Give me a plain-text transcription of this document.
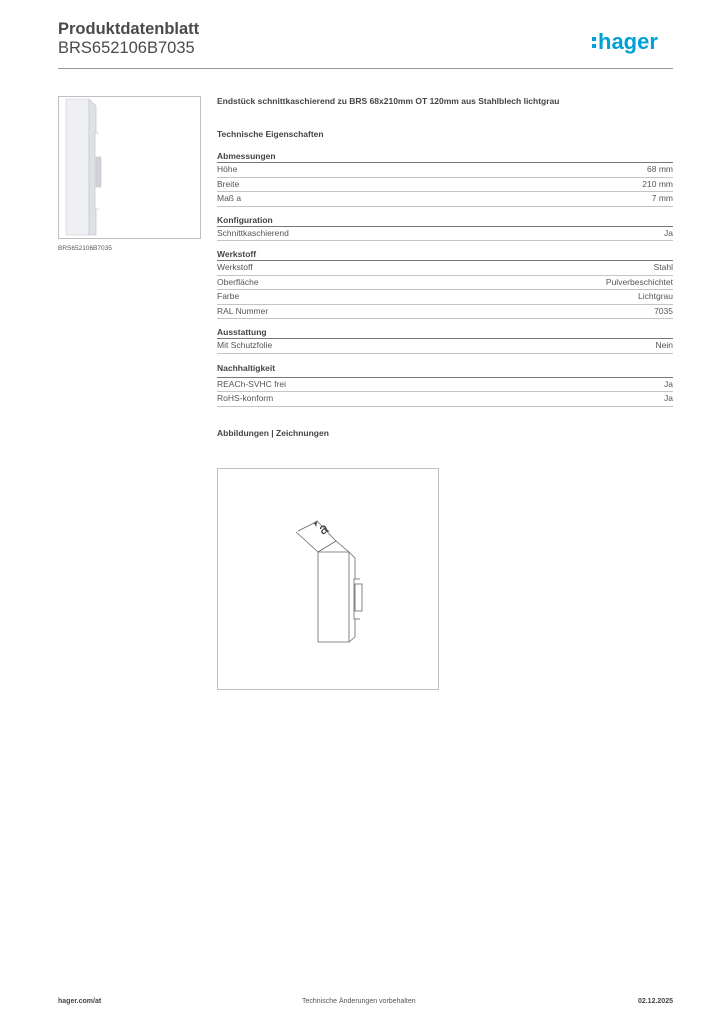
Produktdatenblatt
BRS652106B7035	hager
BRS652106B7035
Endstück schnittkaschierend zu BRS 68x210mm OT 120mm aus Stahlblech lichtgrau
Technische Eigenschaften
Abmessungen
Höhe	68 mm
Breite	210 mm
Maß a	7 mm
Konfiguration
Schnittkaschierend	Ja
Werkstoff
Werkstoff	Stahl
Oberfläche	Pulverbeschichtet
Farbe	Lichtgrau
RAL Nummer	7035
Ausstattung
Mit Schutzfolie	Nein
Nachhaltigkeit
REACh-SVHC frei	Ja
RoHS-konform	Ja
Abbildungen | Zeichnungen
a
hager.com/at	Technische Änderungen vorbehalten	02.12.2025
